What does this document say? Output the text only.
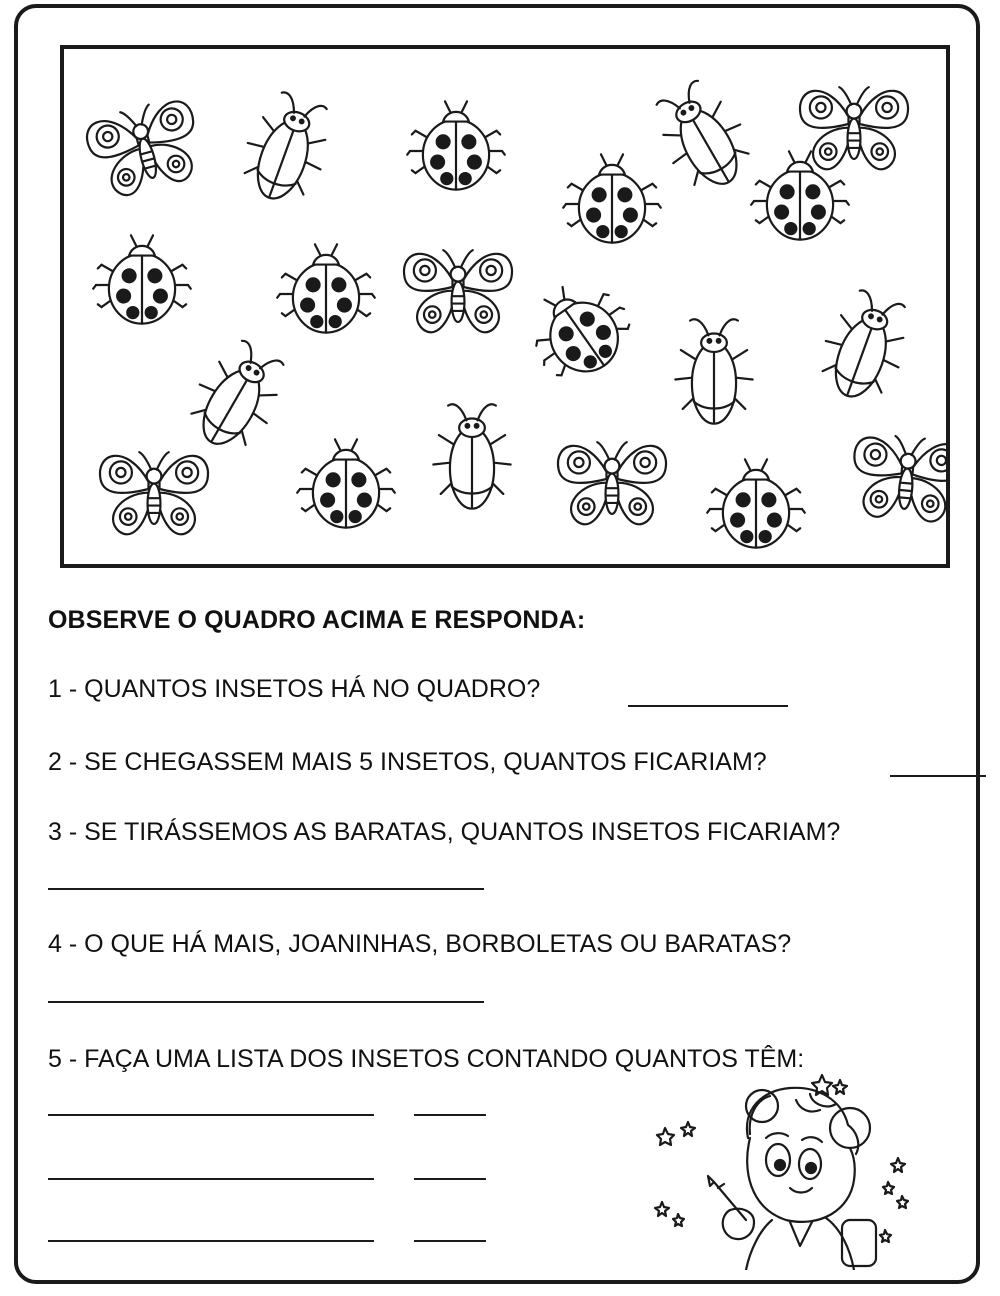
OBSERVE O QUADRO ACIMA E RESPONDA:
1 - QUANTOS INSETOS HÁ NO QUADRO?
2 - SE CHEGASSEM MAIS 5 INSETOS, QUANTOS FICARIAM?
3 - SE TIRÁSSEMOS AS BARATAS, QUANTOS INSETOS FICARIAM?
4 - O QUE HÁ MAIS, JOANINHAS, BORBOLETAS OU BARATAS?
5 - FAÇA UMA LISTA DOS INSETOS CONTANDO QUANTOS TÊM:
